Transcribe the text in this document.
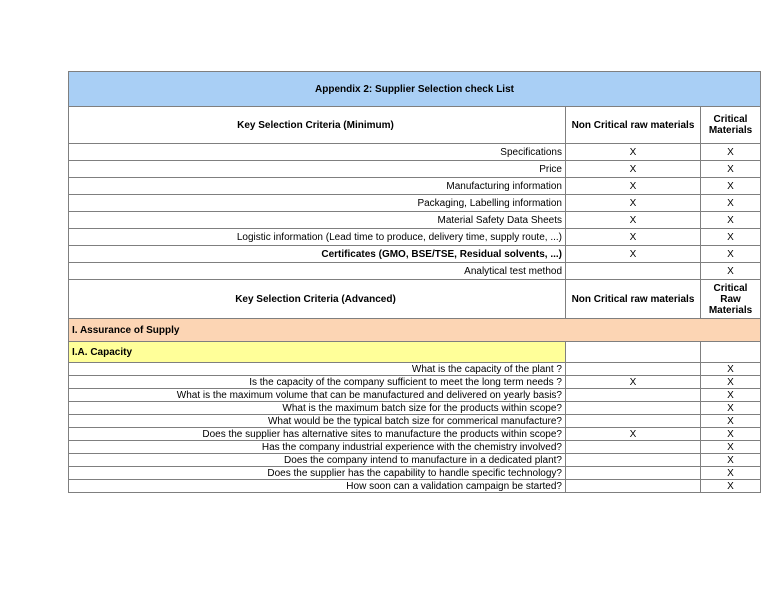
Appendix 2: Supplier Selection check List		
Key Selection Criteria (Minimum)	Non Critical raw materials	Critical Materials
Specifications	X	X
Price	X	X
Manufacturing information	X	X
Packaging, Labelling information	X	X
Material Safety Data Sheets	X	X
Logistic information (Lead time to produce, delivery time, supply route, ...)	X	X
Certificates (GMO, BSE/TSE, Residual solvents, ...)	X	X
Analytical test method		X
Key Selection Criteria (Advanced)	Non Critical raw materials	Critical Raw Materials
I. Assurance of Supply		
I.A. Capacity		
What is the capacity of the plant ?		X
Is the capacity of the company sufficient to meet the long term needs ?	X	X
What is the maximum volume that can be manufactured and delivered on yearly basis?		X
What is the maximum batch size for the products within scope?		X
What would be the typical batch size for commerical manufacture?		X
Does the supplier has alternative sites to manufacture the products within scope?	X	X
Has the company industrial experience with the chemistry involved?		X
Does the company intend to manufacture in a dedicated plant?		X
Does the supplier has the capability to handle specific technology?		X
How soon can a validation campaign be started?		X
